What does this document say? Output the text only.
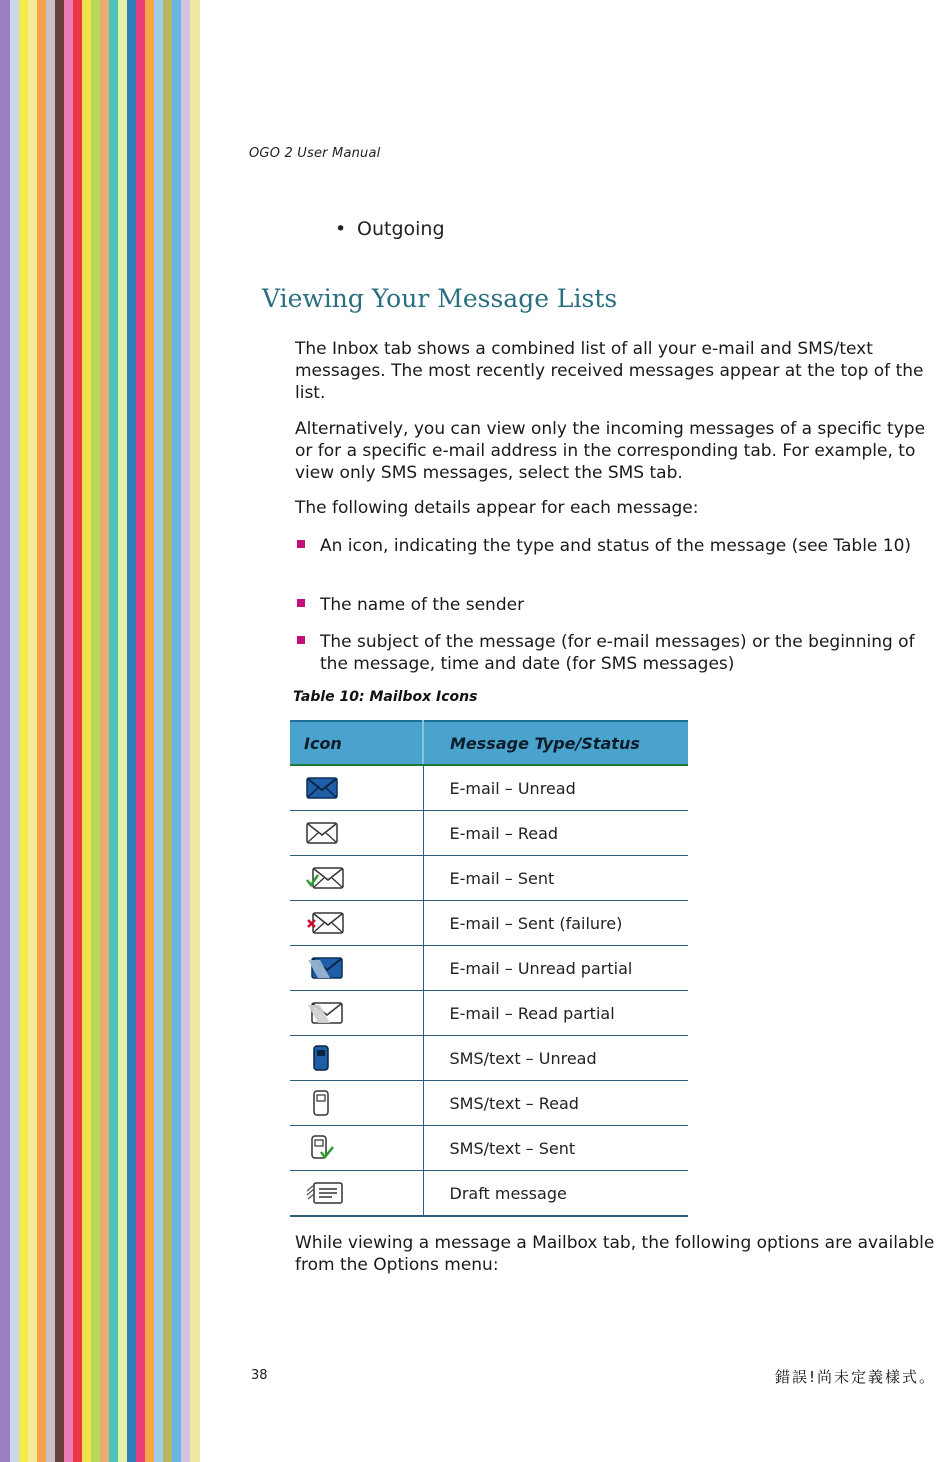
OGO 2 User Manual
• Outgoing
Viewing Your Message Lists
The Inbox tab shows a combined list of all your e-mail and SMS/text messages. The most recently received messages appear at the top of the list.
Alternatively, you can view only the incoming messages of a specific type or for a specific e-mail address in the corresponding tab. For example, to view only SMS messages, select the SMS tab.
The following details appear for each message:
An icon, indicating the type and status of the message (see Table 10)
The name of the sender
The subject of the message (for e-mail messages) or the beginning of the message, time and date (for SMS messages)
Table 10: Mailbox Icons
Icon	Message Type/Status

	E-mail – Unread

	E-mail – Read

	E-mail – Sent

	E-mail – Sent (failure)

	E-mail – Unread partial

	E-mail – Read partial

	SMS/text – Unread

	SMS/text – Read

	SMS/text – Sent

	Draft message
While viewing a message a Mailbox tab, the following options are available from the Options menu:
38	錯誤!尚未定義樣式。
